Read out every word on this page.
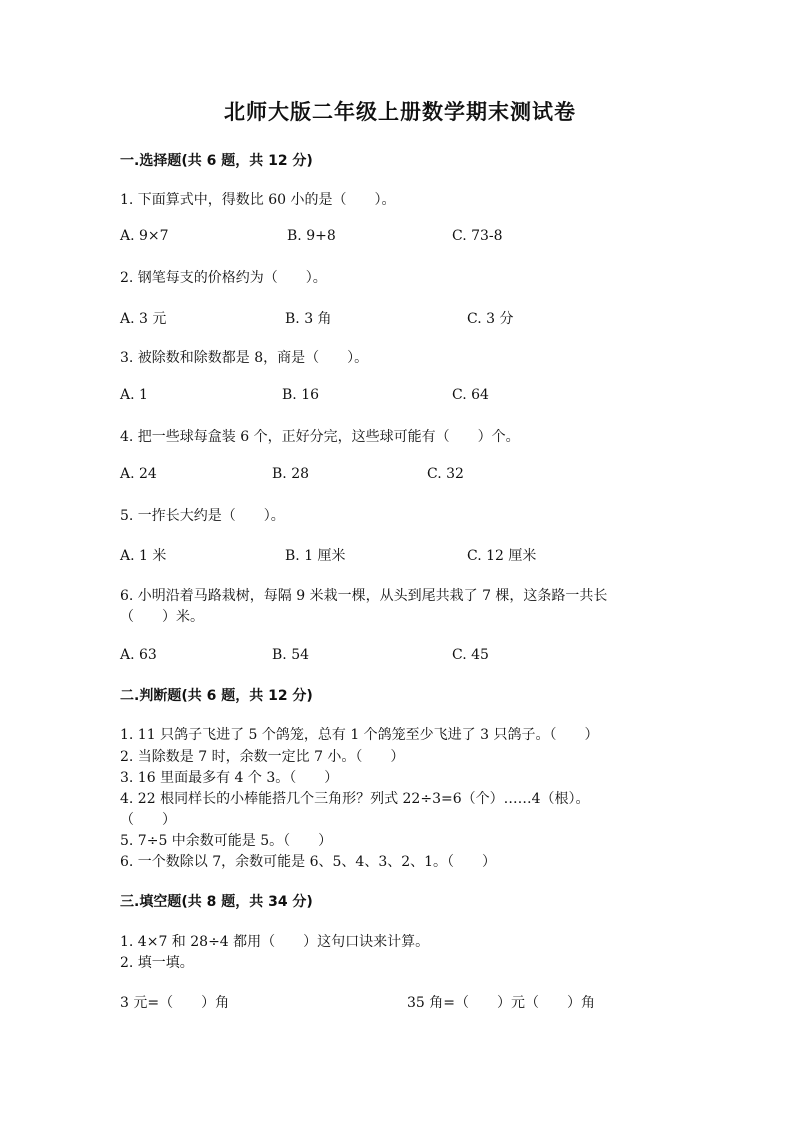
北师大版二年级上册数学期末测试卷
一.选择题(共 6 题，共 12 分)
1. 下面算式中，得数比 60 小的是（　　）。
A. 9×7	B. 9+8	C. 73-8
2. 钢笔每支的价格约为（　　）。
A. 3 元	B. 3 角	C. 3 分
3. 被除数和除数都是 8，商是（　　）。
A. 1	B. 16	C. 64
4. 把一些球每盒装 6 个，正好分完，这些球可能有（　　）个。
A. 24	B. 28	C. 32
5. 一拃长大约是（　　）。
A. 1 米	B. 1 厘米	C. 12 厘米
6. 小明沿着马路栽树，每隔 9 米栽一棵，从头到尾共栽了 7 棵，这条路一共长
（　　）米。
A. 63	B. 54	C. 45
二.判断题(共 6 题，共 12 分)
1. 11 只鸽子飞进了 5 个鸽笼，总有 1 个鸽笼至少飞进了 3 只鸽子。（　　）
2. 当除数是 7 时，余数一定比 7 小。（　　）
3. 16 里面最多有 4 个 3。（　　）
4. 22 根同样长的小棒能搭几个三角形？列式 22÷3=6（个）……4（根）。
（　　）
5. 7÷5 中余数可能是 5。（　　）
6. 一个数除以 7，余数可能是 6、5、4、3、2、1。（　　）
三.填空题(共 8 题，共 34 分)
1. 4×7 和 28÷4 都用（　　）这句口诀来计算。
2. 填一填。
3 元=（　　）角	35 角=（　　）元（　　）角
